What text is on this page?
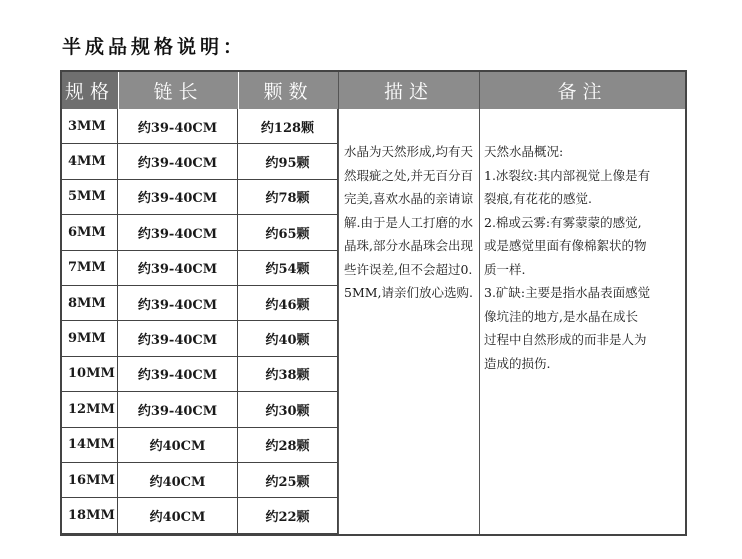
半成品规格说明：
规格	链长	颗数	描述	备注
3MM	约39-40CM	约128颗
4MM	约39-40CM	约95颗
5MM	约39-40CM	约78颗
6MM	约39-40CM	约65颗
7MM	约39-40CM	约54颗
8MM	约39-40CM	约46颗
9MM	约39-40CM	约40颗
10MM	约39-40CM	约38颗
12MM	约39-40CM	约30颗
14MM	约40CM	约28颗
16MM	约40CM	约25颗
18MM	约40CM	约22颗

水晶为天然形成,均有天然瑕疵之处,并无百分百完美,喜欢水晶的亲请谅解.由于是人工打磨的水晶珠,部分水晶珠会出现些许误差,但不会超过0.5MM,请亲们放心选购.

天然水晶概况:
1.冰裂纹:其内部视觉上像是有
裂痕,有花花的感觉.
2.棉或云雾:有雾蒙蒙的感觉,
或是感觉里面有像棉絮状的物
质一样.
3.矿缺:主要是指水晶表面感觉
像坑洼的地方,是水晶在成长
过程中自然形成的而非是人为
造成的损伤.
